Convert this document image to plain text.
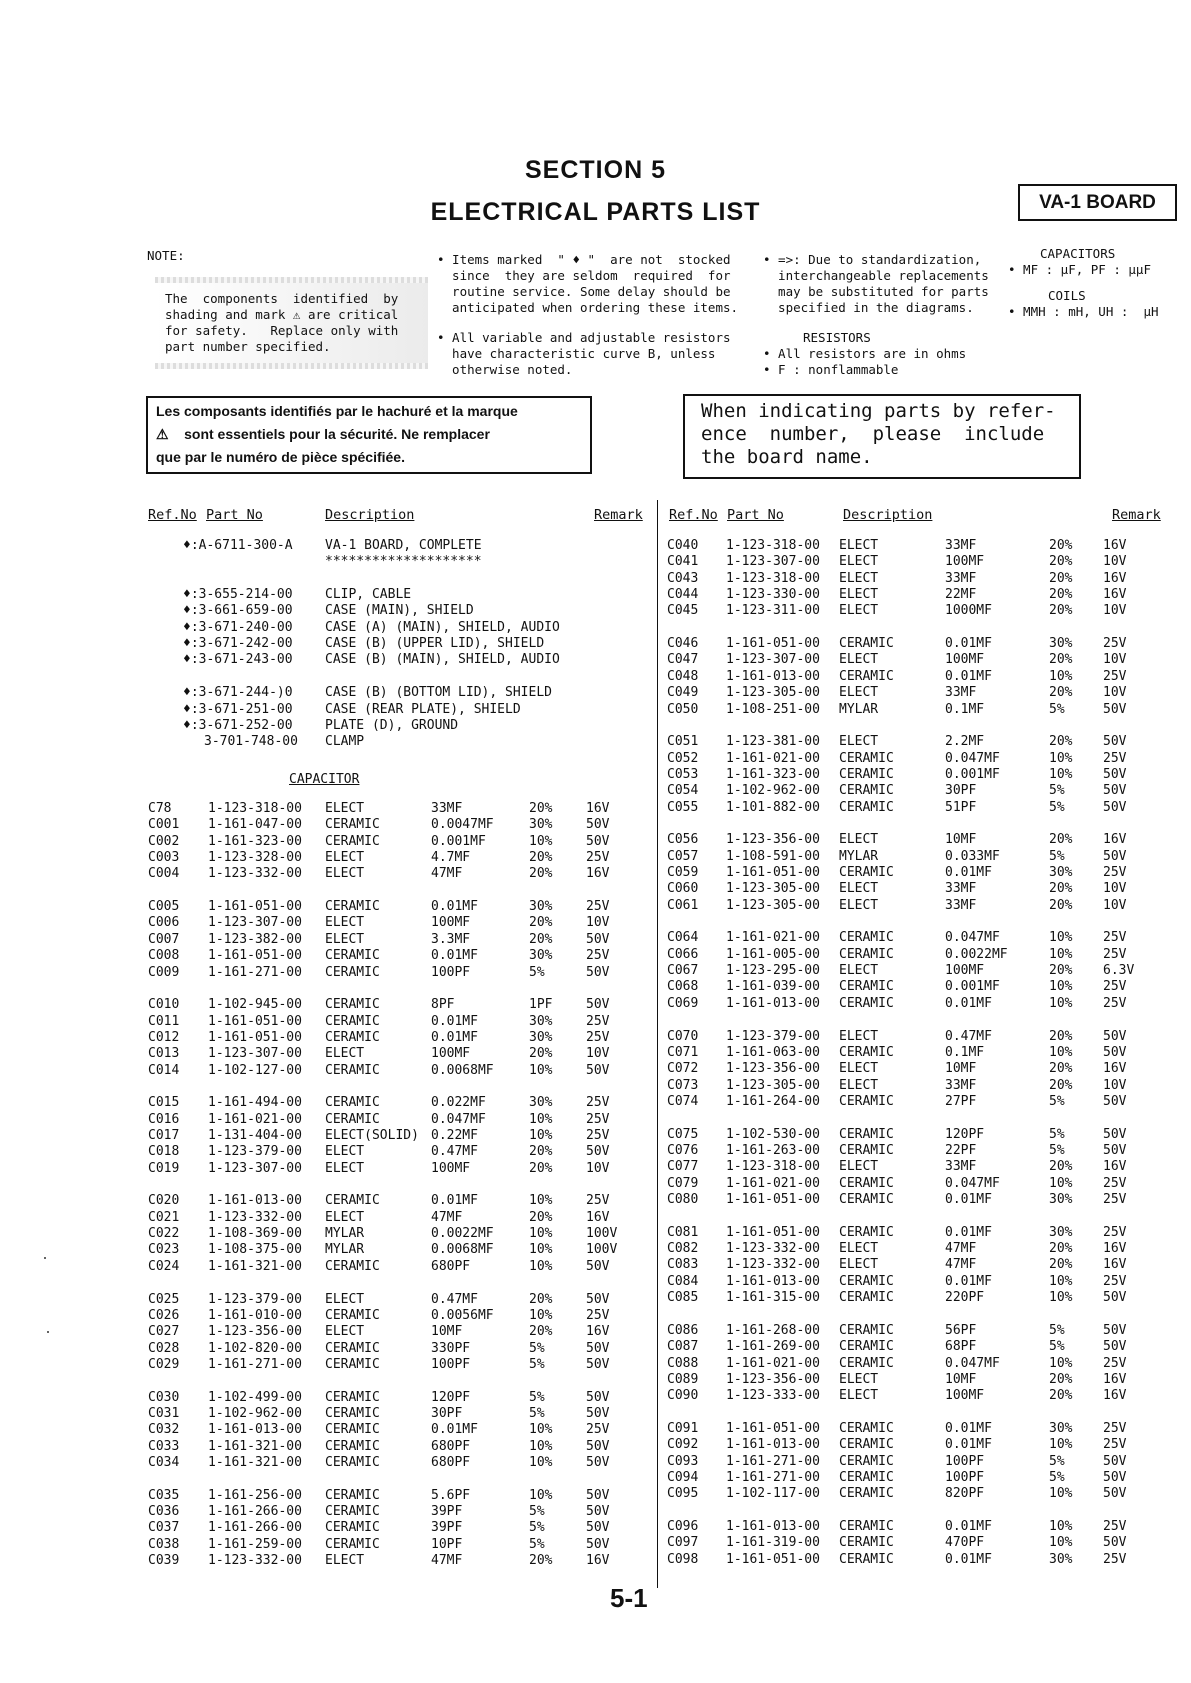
SECTION 5
ELECTRICAL PARTS LIST	VA-1 BOARD
NOTE:
The  components  identified  by
shading and mark ⚠ are critical
for safety.   Replace only with
part number specified.
• Items marked  " ♦ "  are not  stocked
since  they are seldom  required  for
routine service. Some delay should be
anticipated when ordering these items.
• All variable and adjustable resistors
have characteristic curve B, unless
otherwise noted.
• =>: Due to standardization,
interchangeable replacements
may be substituted for parts
specified in the diagrams.
RESISTORS
• All resistors are in ohms
• F : nonflammable
CAPACITORS
• MF : μF, PF : μμF
COILS
• MMH : mH, UH :  μH
Les composants identifiés par le hachuré et la marque
⚠    sont essentiels pour la sécurité. Ne remplacer
que par le numéro de pièce spécifiée.
When indicating parts by refer-
ence  number,  please  include
the board name.
Ref.No Part No	Description	Remark Ref.No Part No	Description	Remark
♦:A-6711-300-A VA-1 BOARD, COMPLETE
********************
♦:3-655-214-00 CLIP, CABLE
♦:3-661-659-00 CASE (MAIN), SHIELD
♦:3-671-240-00 CASE (A) (MAIN), SHIELD, AUDIO
♦:3-671-242-00 CASE (B) (UPPER LID), SHIELD
♦:3-671-243-00 CASE (B) (MAIN), SHIELD, AUDIO
♦:3-671-244-)0 CASE (B) (BOTTOM LID), SHIELD
♦:3-671-251-00 CASE (REAR PLATE), SHIELD
♦:3-671-252-00 PLATE (D), GROUND
3-701-748-00 CLAMP
CAPACITOR
C78	1-123-318-00 ELECT	33MF	20%	16V
C001 1-161-047-00 CERAMIC	0.0047MF	30%	50V
C002 1-161-323-00 CERAMIC	0.001MF	10%	50V
C003 1-123-328-00 ELECT	4.7MF	20%	25V
C004 1-123-332-00 ELECT	47MF	20%	16V
C005 1-161-051-00 CERAMIC	0.01MF	30%	25V
C006 1-123-307-00 ELECT	100MF	20%	10V
C007 1-123-382-00 ELECT	3.3MF	20%	50V
C008 1-161-051-00 CERAMIC	0.01MF	30%	25V
C009 1-161-271-00 CERAMIC	100PF	5%	50V
C010 1-102-945-00 CERAMIC	8PF	1PF	50V
C011 1-161-051-00 CERAMIC	0.01MF	30%	25V
C012 1-161-051-00 CERAMIC	0.01MF	30%	25V
C013 1-123-307-00 ELECT	100MF	20%	10V
C014 1-102-127-00 CERAMIC	0.0068MF	10%	50V
C015 1-161-494-00 CERAMIC	0.022MF	30%	25V
C016 1-161-021-00 CERAMIC	0.047MF	10%	25V
C017 1-131-404-00 ELECT(SOLID) 0.22MF	10%	25V
C018 1-123-379-00 ELECT	0.47MF	20%	50V
C019 1-123-307-00 ELECT	100MF	20%	10V
C020 1-161-013-00 CERAMIC	0.01MF	10%	25V
C021 1-123-332-00 ELECT	47MF	20%	16V
C022 1-108-369-00 MYLAR	0.0022MF	10%	100V
C023 1-108-375-00 MYLAR	0.0068MF	10%	100V
C024 1-161-321-00 CERAMIC	680PF	10%	50V
C025 1-123-379-00 ELECT	0.47MF	20%	50V
C026 1-161-010-00 CERAMIC	0.0056MF	10%	25V
C027 1-123-356-00 ELECT	10MF	20%	16V
C028 1-102-820-00 CERAMIC	330PF	5%	50V
C029 1-161-271-00 CERAMIC	100PF	5%	50V
C030 1-102-499-00 CERAMIC	120PF	5%	50V
C031 1-102-962-00 CERAMIC	30PF	5%	50V
C032 1-161-013-00 CERAMIC	0.01MF	10%	25V
C033 1-161-321-00 CERAMIC	680PF	10%	50V
C034 1-161-321-00 CERAMIC	680PF	10%	50V
C035 1-161-256-00 CERAMIC	5.6PF	10%	50V
C036 1-161-266-00 CERAMIC	39PF	5%	50V
C037 1-161-266-00 CERAMIC	39PF	5%	50V
C038 1-161-259-00 CERAMIC	10PF	5%	50V
C039 1-123-332-00 ELECT	47MF	20%	16V
C040 1-123-318-00 ELECT	33MF	20% 16V
C041 1-123-307-00 ELECT	100MF	20% 10V
C043 1-123-318-00 ELECT	33MF	20% 16V
C044 1-123-330-00 ELECT	22MF	20% 16V
C045 1-123-311-00 ELECT	1000MF	20% 10V
C046 1-161-051-00 CERAMIC	0.01MF	30% 25V
C047 1-123-307-00 ELECT	100MF	20% 10V
C048 1-161-013-00 CERAMIC	0.01MF	10% 25V
C049 1-123-305-00 ELECT	33MF	20% 10V
C050 1-108-251-00 MYLAR	0.1MF	5%	50V
C051 1-123-381-00 ELECT	2.2MF	20% 50V
C052 1-161-021-00 CERAMIC	0.047MF	10% 25V
C053 1-161-323-00 CERAMIC	0.001MF	10% 50V
C054 1-102-962-00 CERAMIC	30PF	5%	50V
C055 1-101-882-00 CERAMIC	51PF	5%	50V
C056 1-123-356-00 ELECT	10MF	20% 16V
C057 1-108-591-00 MYLAR	0.033MF	5%	50V
C059 1-161-051-00 CERAMIC	0.01MF	30% 25V
C060 1-123-305-00 ELECT	33MF	20% 10V
C061 1-123-305-00 ELECT	33MF	20% 10V
C064 1-161-021-00 CERAMIC	0.047MF	10% 25V
C066 1-161-005-00 CERAMIC	0.0022MF	10% 25V
C067 1-123-295-00 ELECT	100MF	20% 6.3V
C068 1-161-039-00 CERAMIC	0.001MF	10% 25V
C069 1-161-013-00 CERAMIC	0.01MF	10% 25V
C070 1-123-379-00 ELECT	0.47MF	20% 50V
C071 1-161-063-00 CERAMIC	0.1MF	10% 50V
C072 1-123-356-00 ELECT	10MF	20% 16V
C073 1-123-305-00 ELECT	33MF	20% 10V
C074 1-161-264-00 CERAMIC	27PF	5%	50V
C075 1-102-530-00 CERAMIC	120PF	5%	50V
C076 1-161-263-00 CERAMIC	22PF	5%	50V
C077 1-123-318-00 ELECT	33MF	20% 16V
C079 1-161-021-00 CERAMIC	0.047MF	10% 25V
C080 1-161-051-00 CERAMIC	0.01MF	30% 25V
C081 1-161-051-00 CERAMIC	0.01MF	30% 25V
C082 1-123-332-00 ELECT	47MF	20% 16V
C083 1-123-332-00 ELECT	47MF	20% 16V
C084 1-161-013-00 CERAMIC	0.01MF	10% 25V
C085 1-161-315-00 CERAMIC	220PF	10% 50V
C086 1-161-268-00 CERAMIC	56PF	5%	50V
C087 1-161-269-00 CERAMIC	68PF	5%	50V
C088 1-161-021-00 CERAMIC	0.047MF	10% 25V
C089 1-123-356-00 ELECT	10MF	20% 16V
C090 1-123-333-00 ELECT	100MF	20% 16V
C091 1-161-051-00 CERAMIC	0.01MF	30% 25V
C092 1-161-013-00 CERAMIC	0.01MF	10% 25V
C093 1-161-271-00 CERAMIC	100PF	5%	50V
C094 1-161-271-00 CERAMIC	100PF	5%	50V
C095 1-102-117-00 CERAMIC	820PF	10% 50V
C096 1-161-013-00 CERAMIC	0.01MF	10% 25V
C097 1-161-319-00 CERAMIC	470PF	10% 50V
C098 1-161-051-00 CERAMIC	0.01MF	30% 25V
5-1
